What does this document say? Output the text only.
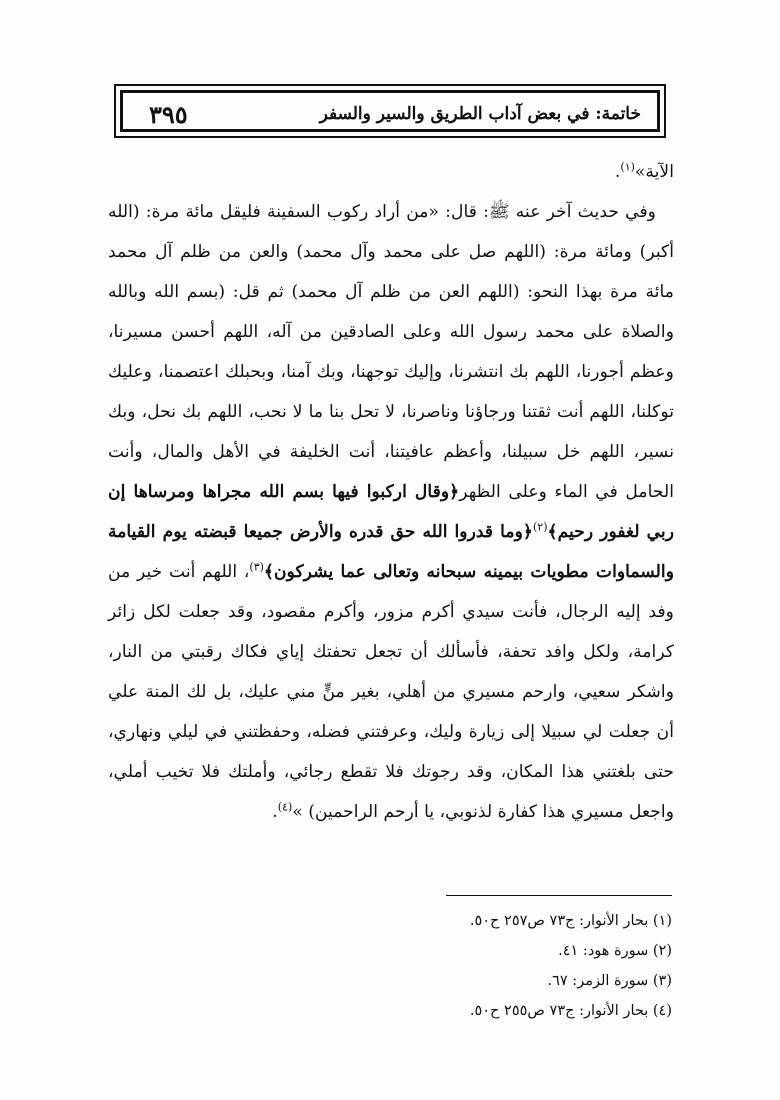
خاتمة: في بعض آداب الطريق والسير والسفر
٣٩٥

الآية»$^{(١)}$.

وفي حديث آخر عنه ﷺ: قال: «من أراد ركوب السفينة فليقل مائة مرة: (الله أكبر) ومائة مرة: (اللهم صل على محمد وآل محمد) والعن من ظلم آل محمد مائة مرة بهذا النحو: (اللهم العن من ظلم آل محمد) ثم قل: (بسم الله وبالله والصلاة على محمد رسول الله وعلى الصادقين من آله، اللهم أحسن مسيرنا، وعظم أجورنا، اللهم بك انتشرنا، وإليك توجهنا، وبك آمنا، وبحبلك اعتصمنا، وعليك توكلنا، اللهم أنت ثقتنا ورجاؤنا وناصرنا، لا تحل بنا ما لا نحب، اللهم بك نحل، وبك نسير، اللهم خل سبيلنا، وأعظم عافيتنا، أنت الخليفة في الأهل والمال، وأنت الحامل في الماء وعلى الظهر﴿وقال اركبوا فيها بسم الله مجراها ومرساها إن ربي لغفور رحيم﴾$^{(٢)}$﴿وما قدروا الله حق قدره والأرض جميعا قبضته يوم القيامة والسماوات مطويات بيمينه سبحانه وتعالى عما يشركون﴾$^{(٣)}$، اللهم أنت خير من وفد إليه الرجال، فأنت سيدي أكرم مزور، وأكرم مقصود، وقد جعلت لكل زائر كرامة، ولكل وافد تحفة، فأسألك أن تجعل تحفتك إياي فكاك رقبتي من النار، واشكر سعيي، وارحم مسيري من أهلي، بغير منٍّ مني عليك، بل لك المنة علي أن جعلت لي سبيلا إلى زيارة وليك، وعرفتني فضله، وحفظتني في ليلي ونهاري، حتى بلغتني هذا المكان، وقد رجوتك فلا تقطع رجائي، وأملتك فلا تخيب أملي، واجعل مسيري هذا كفارة لذنوبي، يا أرحم الراحمين) »$^{(٤)}$.

(١) بحار الأنوار: ج٧٣ ص٢٥٧ ح٥٠.
(٢) سورة هود: ٤١.
(٣) سورة الزمر: ٦٧.
(٤) بحار الأنوار: ج٧٣ ص٢٥٥ ح٥٠.
